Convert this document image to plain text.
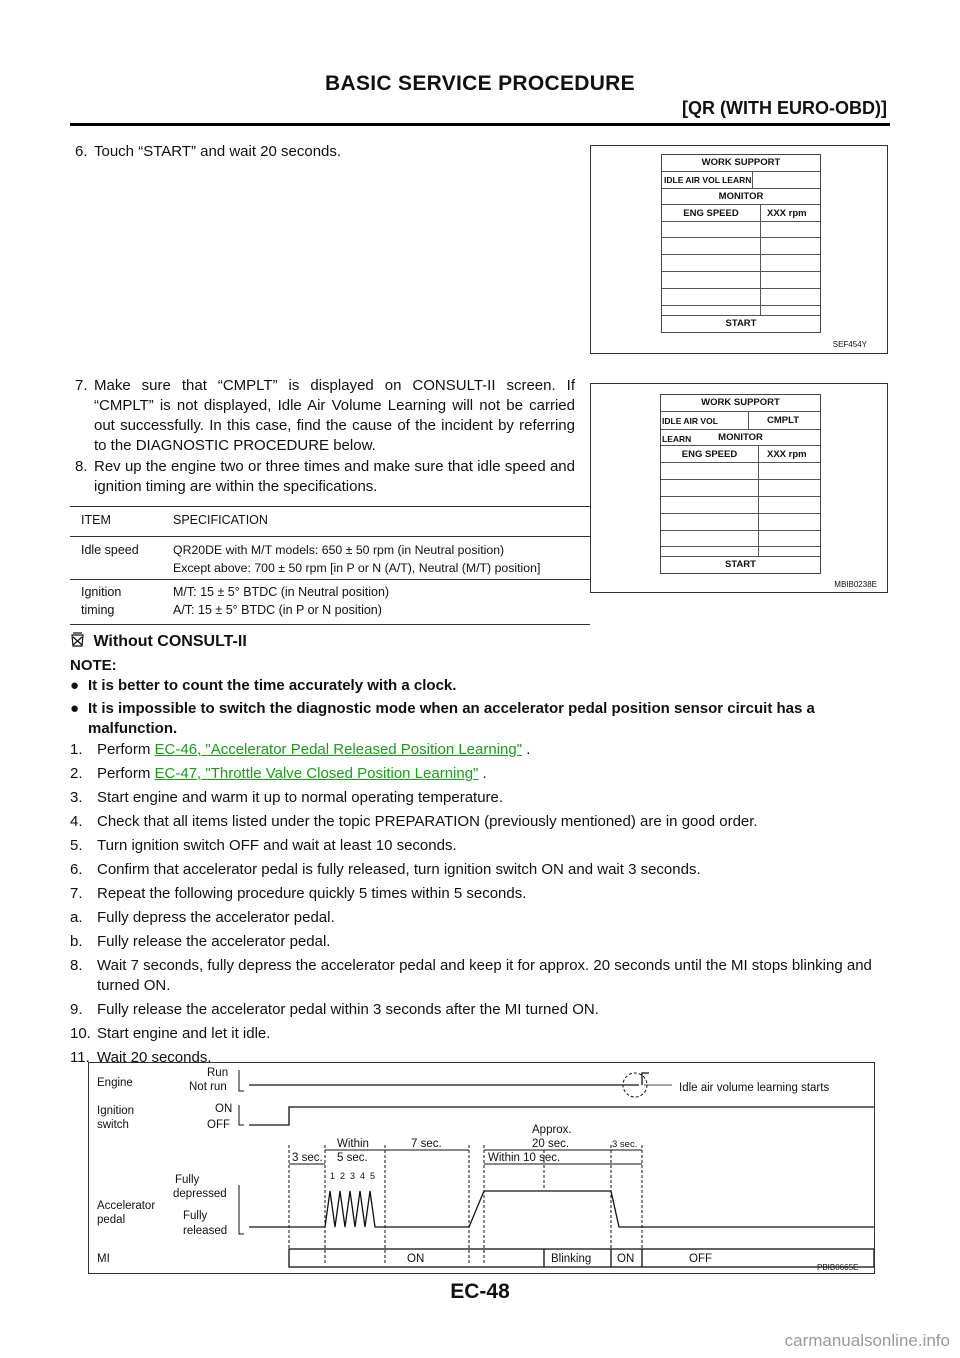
BASIC SERVICE PROCEDURE
[QR (WITH EURO-OBD)]
6. Touch “START” and wait 20 seconds.
7. Make sure that “CMPLT” is displayed on CONSULT-II screen. If “CMPLT” is not displayed, Idle Air Volume Learning will not be carried out successfully. In this case, find the cause of the incident by referring to the DIAGNOSTIC PROCEDURE below.
8. Rev up the engine two or three times and make sure that idle speed and ignition timing are within the specifications.
WORK SUPPORT
IDLE AIR VOL LEARN
MONITOR
ENG SPEED	XXX rpm
START
SEF454Y
WORK SUPPORT
IDLE AIR VOL LEARN
CMPLT
MONITOR
ENG SPEED	XXX rpm
START
MBIB0238E
ITEM	SPECIFICATION
Idle speed	QR20DE with M/T models: 650 ± 50 rpm (in Neutral position)
Except above: 700 ± 50 rpm [in P or N (A/T), Neutral (M/T) position]

Ignition timing	M/T: 15 ± 5° BTDC (in Neutral position)
A/T: 15 ± 5° BTDC (in P or N position)
Without CONSULT-II
NOTE:
● It is better to count the time accurately with a clock.
● It is impossible to switch the diagnostic mode when an accelerator pedal position sensor circuit has a malfunction.
1. Perform EC-46, "Accelerator Pedal Released Position Learning" .
2. Perform EC-47, "Throttle Valve Closed Position Learning" .
3. Start engine and warm it up to normal operating temperature.
4. Check that all items listed under the topic PREPARATION (previously mentioned) are in good order.
5. Turn ignition switch OFF and wait at least 10 seconds.
6. Confirm that accelerator pedal is fully released, turn ignition switch ON and wait 3 seconds.
7. Repeat the following procedure quickly 5 times within 5 seconds.
a. Fully depress the accelerator pedal.
b. Fully release the accelerator pedal.
8. Wait 7 seconds, fully depress the accelerator pedal and keep it for approx. 20 seconds until the MI stops blinking and turned ON.
9. Fully release the accelerator pedal within 3 seconds after the MI turned ON.
10. Start engine and let it idle.
11. Wait 20 seconds.
Engine
Run
Not run
Ignition
switch
ON
OFF
Fully
depressed
Accelerator
pedal	Fully
released
MI
Idle air volume learning starts
3 sec.
Within
5 sec.
7 sec.
Approx.
20 sec.
Within 10 sec.
3 sec.
1 2 3 4 5
ON	Blinking ON	OFF
PBIB0665E
EC-48
carmanualsonline.info
